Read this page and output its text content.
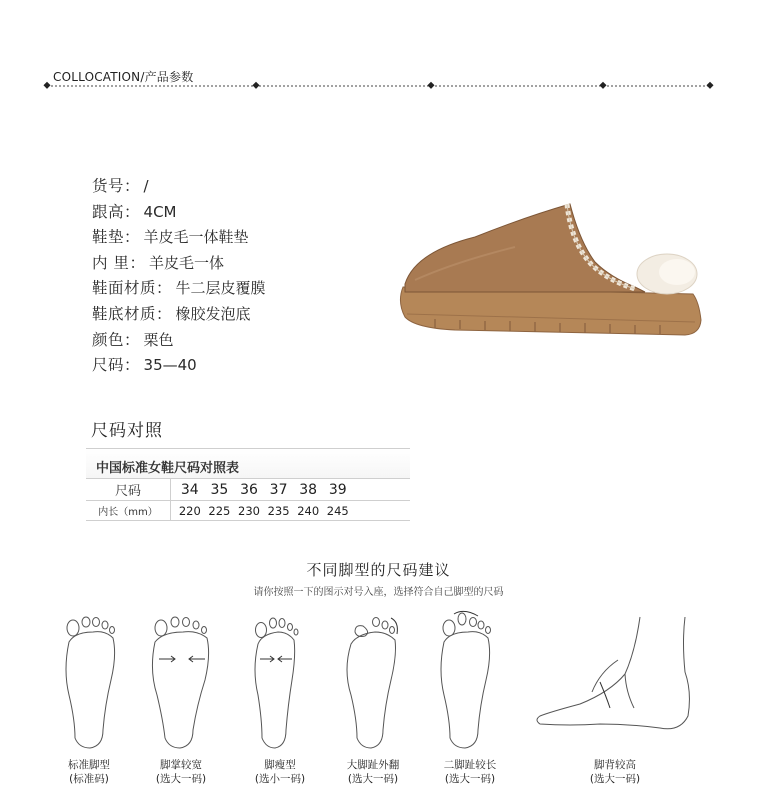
COLLOCATION/产品参数
货号 ： /
跟高 ： 4CM
鞋垫 ： 羊皮毛一体鞋垫
内 里 ： 羊皮毛一体
鞋面材质 ： 牛二层皮覆膜
鞋底材质 ： 橡胶发泡底
颜色 ： 栗色
尺码 ： 35—40
尺码对照
中国标准女鞋尺码对照表
尺码	34 35 36 37 38 39
内长（mm）	220 225 230 235 240 245
不同脚型的尺码建议
请你按照一下的图示对号入座，选择符合自己脚型的尺码
标准脚型
(标准码)
脚掌较宽
(选大一码)
脚瘦型
(选小一码)
大脚趾外翻
(选大一码)
二脚趾较长
(选大一码)
脚背较高
(选大一码)
